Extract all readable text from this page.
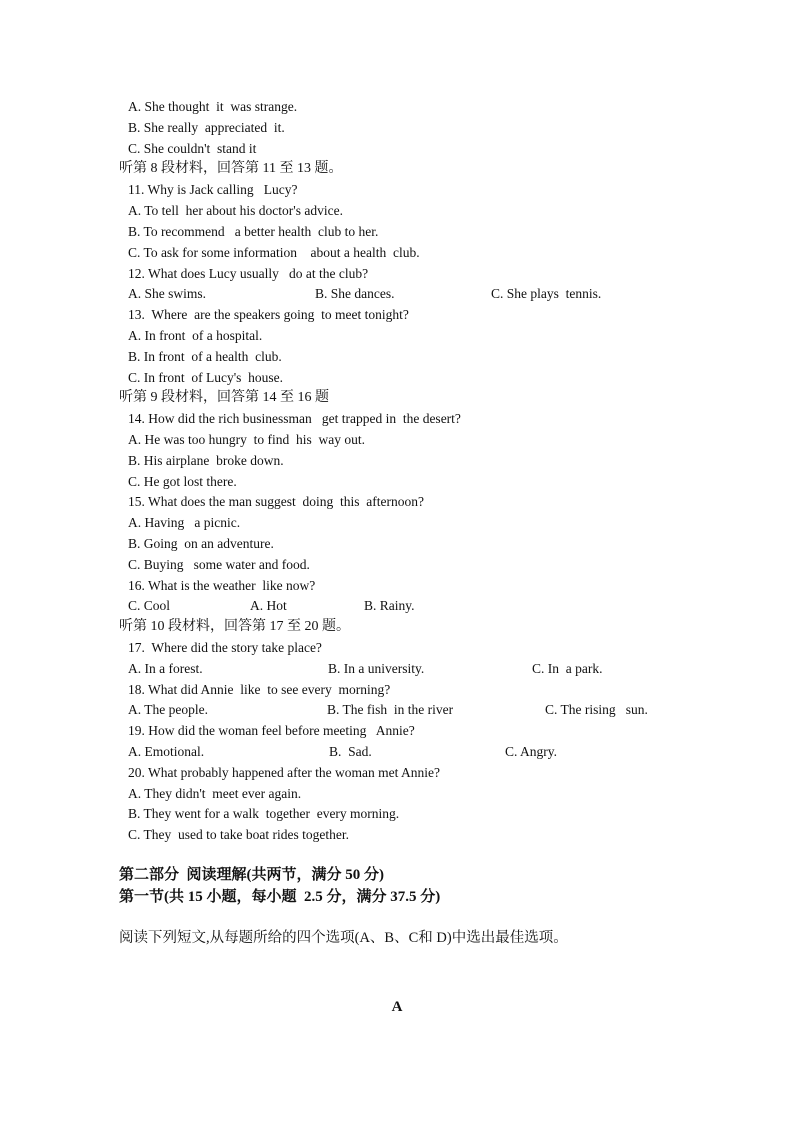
A. She thought  it  was strange.
B. She really  appreciated  it.
C. She couldn't  stand it
听第 8 段材料，回答第 11 至 13 题。
11. Why is Jack calling   Lucy?
A. To tell  her about his doctor's advice.
B. To recommend   a better health  club to her.
C. To ask for some information    about a health  club.
12. What does Lucy usually   do at the club?
A. She swims.	B. She dances.	C. She plays  tennis.
13.  Where  are the speakers going  to meet tonight?
A. In front  of a hospital.
B. In front  of a health  club.
C. In front  of Lucy's  house.
听第 9 段材料，回答第 14 至 16 题
14. How did the rich businessman   get trapped in  the desert?
A. He was too hungry  to find  his  way out.
B. His airplane  broke down.
C. He got lost there.
15. What does the man suggest  doing  this  afternoon?
A. Having   a picnic.
B. Going  on an adventure.
C. Buying   some water and food.
16. What is the weather  like now?
C. Cool	A. Hot	B. Rainy.
听第 10 段材料，回答第 17 至 20 题。
17.  Where did the story take place?
A. In a forest.	B. In a university.	C. In  a park.
18. What did Annie  like  to see every  morning?
A. The people.	B. The fish  in the river	C. The rising   sun.
19. How did the woman feel before meeting   Annie?
A. Emotional.	B.  Sad.	C. Angry.
20. What probably happened after the woman met Annie?
A. They didn't  meet ever again.
B. They went for a walk  together  every morning.
C. They  used to take boat rides together.
第二部分  阅读理解(共两节，满分 50 分)
第一节(共 15 小题，每小题  2.5 分，满分 37.5 分)
阅读下列短文,从每题所给的四个选项(A、B、C和 D)中选出最佳选项。
A
